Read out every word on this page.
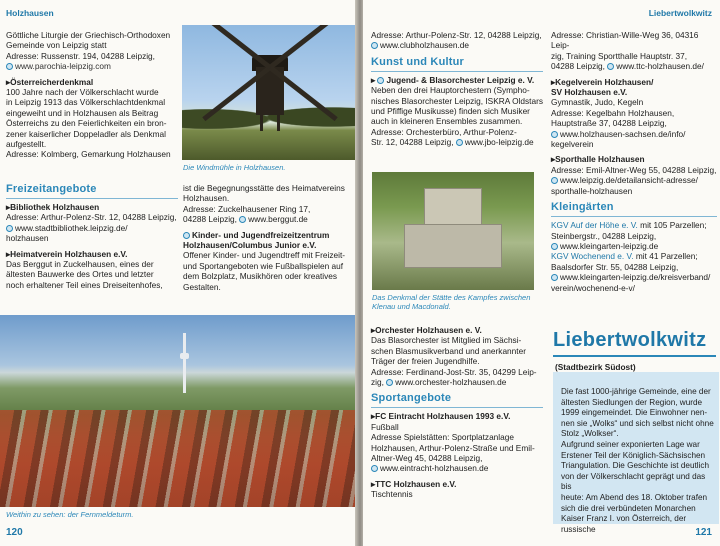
Holzhausen

Göttliche Liturgie der Griechisch-Orthodoxen

Gemeinde von Leipzig statt

Adresse: Russenstr. 194, 04288 Leipzig,

www.parochia-leipzig.com

▸ Österreicherdenkmal

100 Jahre nach der Völkerschlacht wurde

in Leipzig 1913 das Völkerschlachtdenkmal

eingeweiht und in Holzhausen als Beitrag

Österreichs zu den Feierlichkeiten ein bron-

zener kaiserlicher Doppeladler als Denkmal

aufgestellt.

Adresse: Kolmberg, Gemarkung Holzhausen

Die Windmühle in Holzhausen.
Freizeitangebote

▸ Bibliothek Holzhausen

Adresse: Arthur-Polenz-Str. 12, 04288 Leipzig,

www.stadtbibliothek.leipzig.de/

holzhausen

▸ Heimatverein Holzhausen e.V.

Das Berggut in Zuckelhausen, eines der

ältesten Bauwerke des Ortes und letzter

noch erhaltener Teil eines Dreiseitenhofes,

ist die Begegnungsstätte des Heimatvereins

Holzhausen.

Adresse: Zuckelhausener Ring 17,

04288 Leipzig, www.berggut.de

Kinder- und Jugendfreizeitzentrum

Holzhausen/Columbus Junior e.V.

Offener Kinder- und Jugendtreff mit Freizeit-

und Sportangeboten wie Fußballspielen auf

dem Bolzplatz, Musikhören oder kreatives

Gestalten.

Weithin zu sehen: der Fernmeldeturm.
120
Liebertwolkwitz

Adresse: Arthur-Polenz-Str. 12, 04288 Leipzig,

www.clubholzhausen.de

Kunst und Kultur

▸ Jugend- & Blasorchester Leipzig e. V.

Neben den drei Hauptorchestern (Sympho-

nisches Blasorchester Leipzig, ISKRA Oldstars

und Pfiffige Musikusse) finden sich Musiker

auch in kleineren Ensembles zusammen.

Adresse: Orchesterbüro, Arthur-Polenz-

Str. 12, 04288 Leipzig, www.jbo-leipzig.de

Das Denkmal der Stätte des Kampfes zwischen
Klenau und Macdonald.

▸ Orchester Holzhausen e. V.

Das Blasorchester ist Mitglied im Sächsi-

schen Blasmusikverband und anerkannter

Träger der freien Jugendhilfe.

Adresse: Ferdinand-Jost-Str. 35, 04299 Leip-

zig, www.orchester-holzhausen.de

Sportangebote

▸ FC Eintracht Holzhausen 1993 e.V.

Fußball

Adresse Spielstätten: Sportplatzanlage

Holzhausen, Arthur-Polenz-Straße und Emil-

Altner-Weg 45, 04288 Leipzig,

www.eintracht-holzhausen.de

▸ TTC Holzhausen e.V.

Tischtennis

Adresse: Christian-Wille-Weg 36, 04316 Leip-

zig, Training Sportthalle Hauptstr. 37,

04288 Leipzig, www.ttc-holzhausen.de/

▸ Kegelverein Holzhausen/

SV Holzhausen e.V.

Gymnastik, Judo, Kegeln

Adresse: Kegelbahn Holzhausen,

Hauptstraße 37, 04288 Leipzig,

www.holzhausen-sachsen.de/info/

kegelverein

▸ Sporthalle Holzhausen

Adresse: Emil-Altner-Weg 55, 04288 Leipzig,

www.leipzig.de/detailansicht-adresse/

sporthalle-holzhausen

Kleingärten

KGV Auf der Höhe e. V. mit 105 Parzellen;

Steinbergstr., 04288 Leipzig,

www.kleingarten-leipzig.de

KGV Wochenend e. V. mit 41 Parzellen;

Baalsdorfer Str. 55, 04288 Leipzig,

www.kleingarten-leipzig.de/kreisverband/

verein/wochenend-e-v/

121
Liebertwolkwitz
(Stadtbezirk Südost)

Die fast 1000-jährige Gemeinde, eine der

ältesten Siedlungen der Region, wurde

1999 eingemeindet. Die Einwohner nen-

nen sie „Wolks“ und sich selbst nicht ohne

Stolz „Wolkser“.

Aufgrund seiner exponierten Lage war

Erstener Teil der Königlich-Sächsischen

Triangulation. Die Geschichte ist deutlich

von der Völkerschlacht geprägt und das bis

heute: Am Abend des 18. Oktober trafen

sich die drei verbündeten Monarchen

Kaiser Franz I. von Österreich, der russische
